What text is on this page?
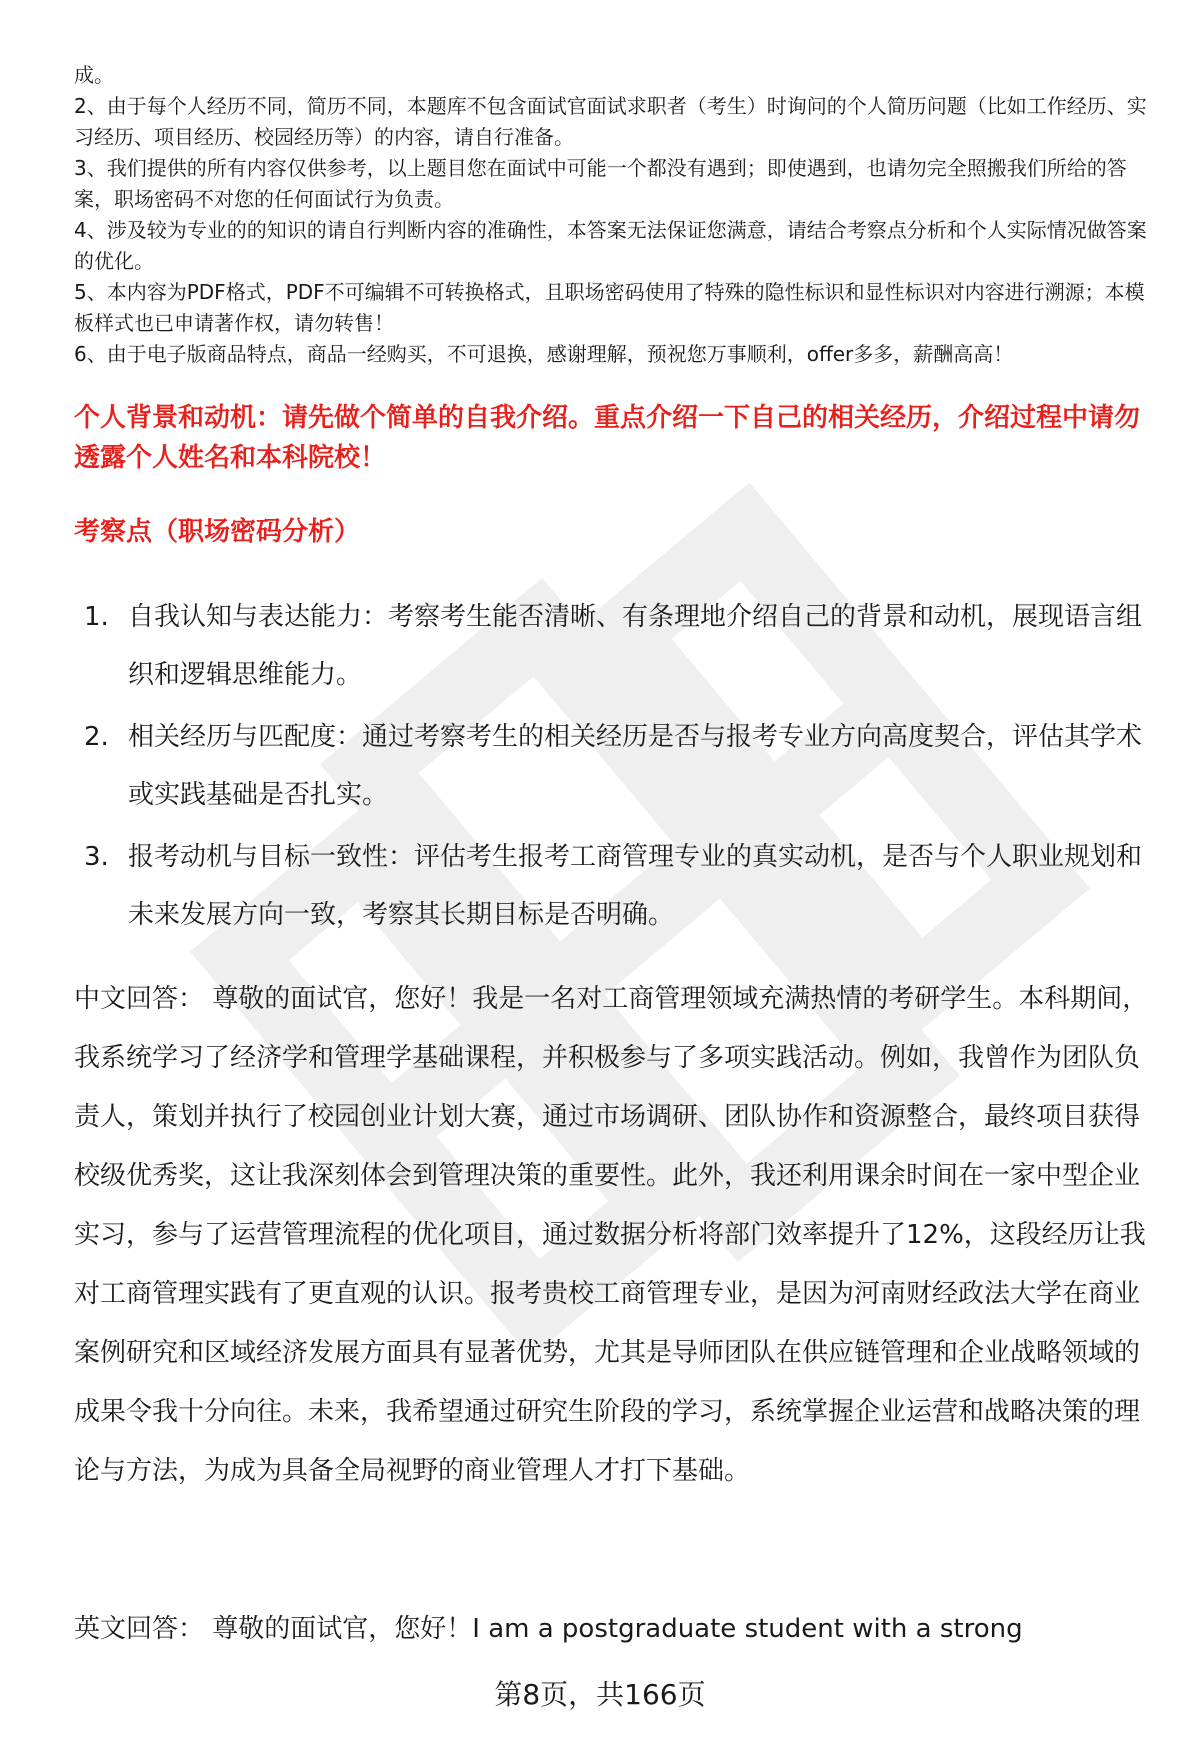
成。

2、由于每个人经历不同，简历不同，本题库不包含面试官面试求职者（考生）时询问的个人简历问题（比如工作经历、实习经历、项目经历、校园经历等）的内容，请自行准备。

3、我们提供的所有内容仅供参考，以上题目您在面试中可能一个都没有遇到；即使遇到，也请勿完全照搬我们所给的答案，职场密码不对您的任何面试行为负责。

4、涉及较为专业的的知识的请自行判断内容的准确性，本答案无法保证您满意，请结合考察点分析和个人实际情况做答案的优化。

5、本内容为PDF格式，PDF不可编辑不可转换格式，且职场密码使用了特殊的隐性标识和显性标识对内容进行溯源；本模板样式也已申请著作权，请勿转售！

6、由于电子版商品特点，商品一经购买，不可退换，感谢理解，预祝您万事顺利，offer多多，薪酬高高！

个人背景和动机：请先做个简单的自我介绍。重点介绍一下自己的相关经历，介绍过程中请勿透露个人姓名和本科院校！

考察点（职场密码分析）

1. 自我认知与表达能力：考察考生能否清晰、有条理地介绍自己的背景和动机，展现语言组织和逻辑思维能力。
2. 相关经历与匹配度：通过考察考生的相关经历是否与报考专业方向高度契合，评估其学术或实践基础是否扎实。
3. 报考动机与目标一致性：评估考生报考工商管理专业的真实动机，是否与个人职业规划和未来发展方向一致，考察其长期目标是否明确。

中文回答： 尊敬的面试官，您好！我是一名对工商管理领域充满热情的考研学生。本科期间，我系统学习了经济学和管理学基础课程，并积极参与了多项实践活动。例如，我曾作为团队负责人，策划并执行了校园创业计划大赛，通过市场调研、团队协作和资源整合，最终项目获得校级优秀奖，这让我深刻体会到管理决策的重要性。此外，我还利用课余时间在一家中型企业实习，参与了运营管理流程的优化项目，通过数据分析将部门效率提升了12%，这段经历让我对工商管理实践有了更直观的认识。报考贵校工商管理专业，是因为河南财经政法大学在商业案例研究和区域经济发展方面具有显著优势，尤其是导师团队在供应链管理和企业战略领域的成果令我十分向往。未来，我希望通过研究生阶段的学习，系统掌握企业运营和战略决策的理论与方法，为成为具备全局视野的商业管理人才打下基础。

英文回答： 尊敬的面试官，您好！I am a postgraduate student with a strong

第8页，共166页
